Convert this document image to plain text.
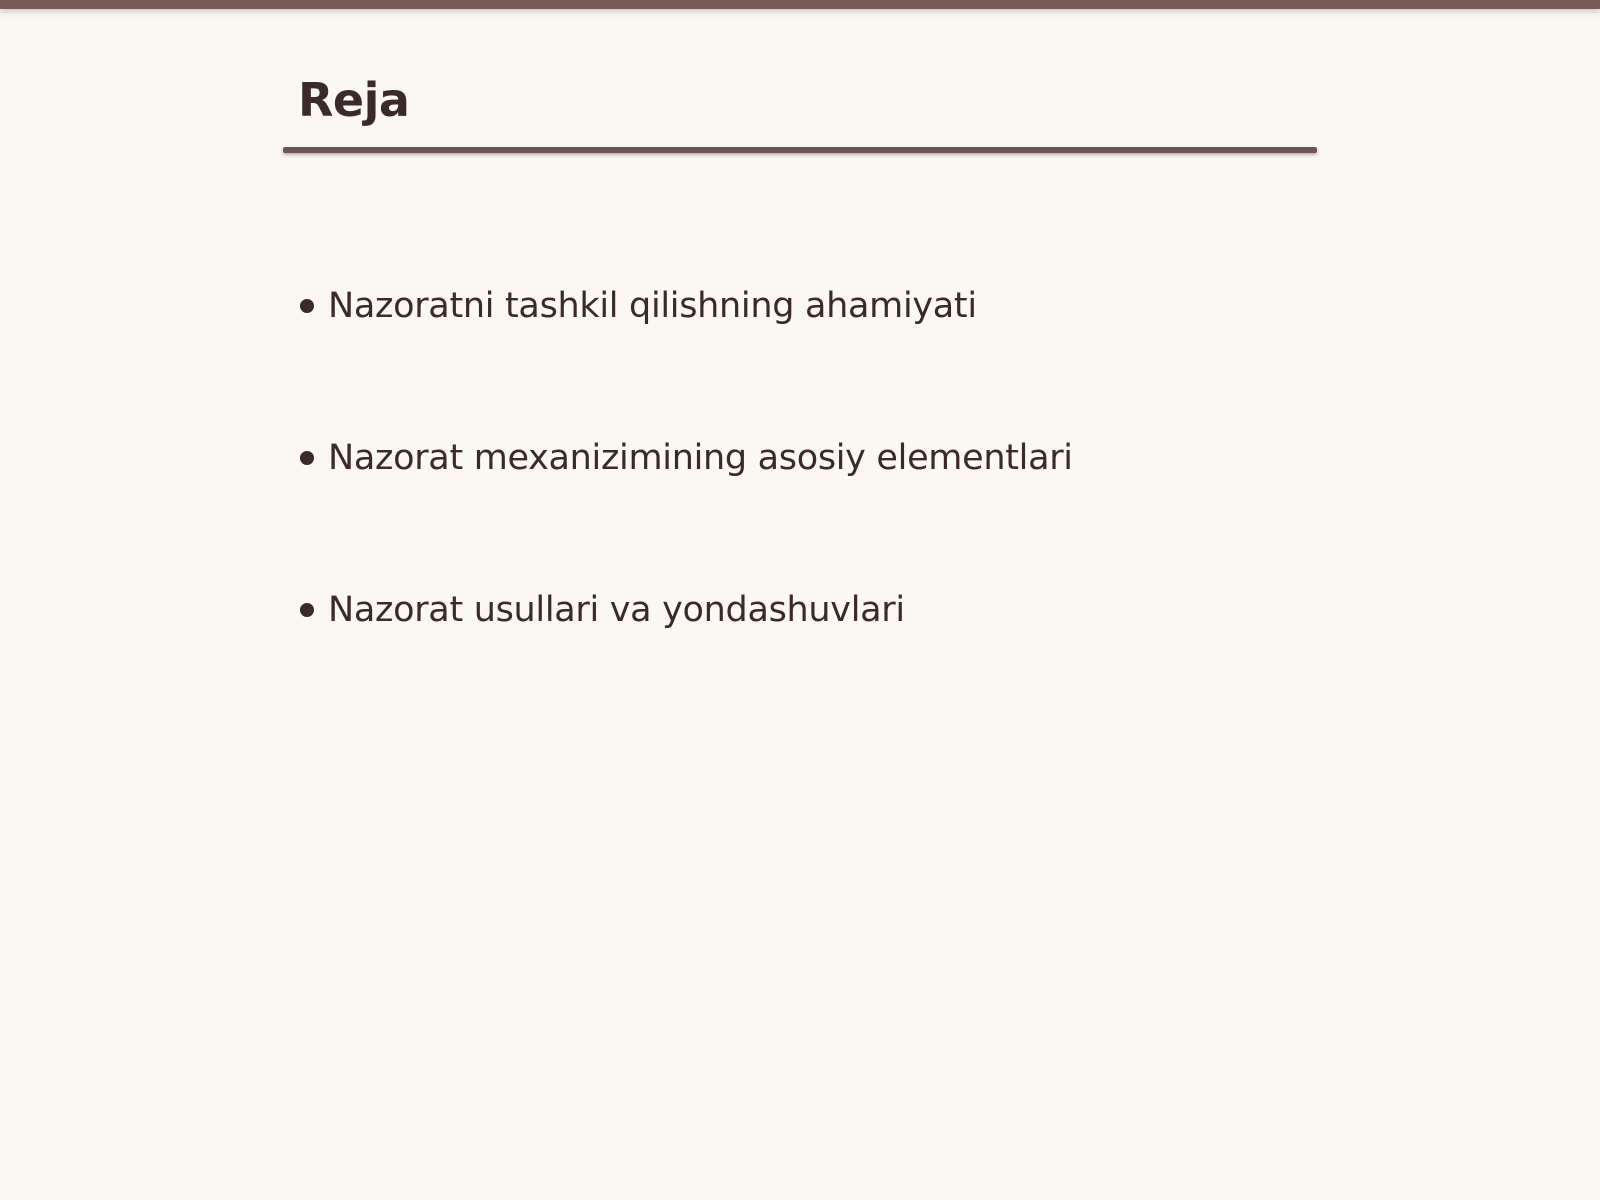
Reja
Nazoratni tashkil qilishning ahamiyati
Nazorat mexanizimining asosiy elementlari
Nazorat usullari va yondashuvlari
